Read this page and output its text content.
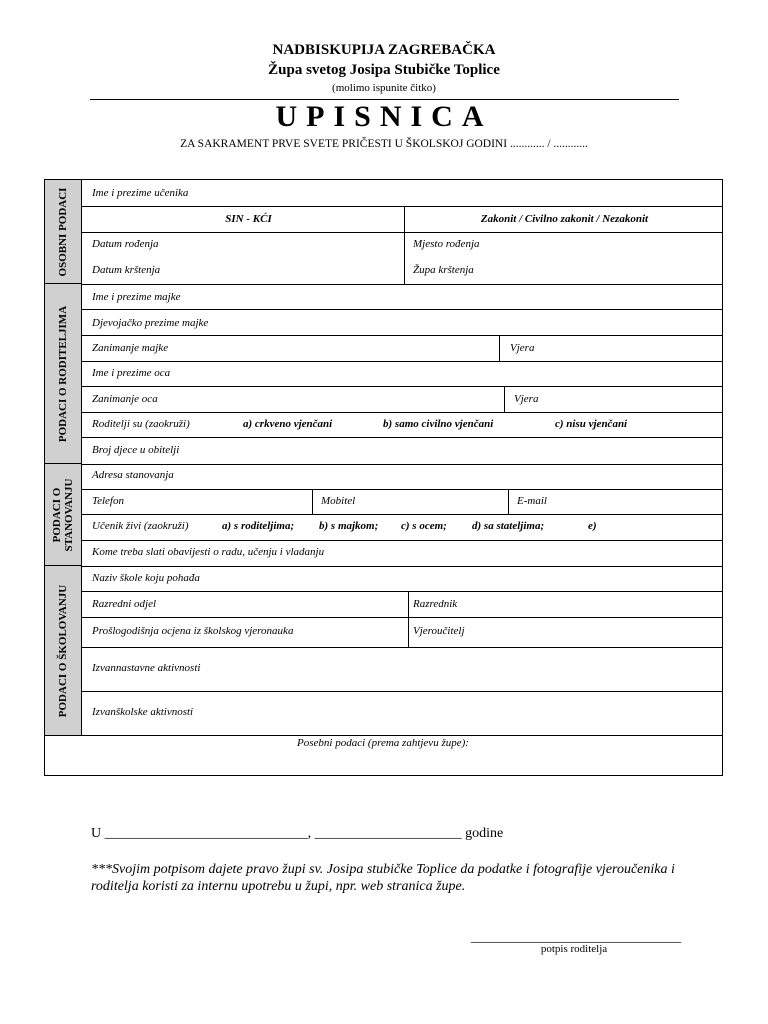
NADBISKUPIJA ZAGREBAČKA
Župa svetog Josipa Stubičke Toplice
(molimo ispunite čitko)
UPISNICA
ZA SAKRAMENT PRVE SVETE PRIČESTI U ŠKOLSKOJ GODINI ............ / ............
OSOBNI PODACI
PODACI O RODITELJIMA
PODACI O STANOVANJU
PODACI O ŠKOLOVANJU
Ime i prezime učenika
SIN - KĆI	Zakonit / Civilno zakonit / Nezakonit
Datum rođenja	Mjesto rođenja
Datum krštenja	Župa krštenja
Ime i prezime majke
Djevojačko prezime majke
Zanimanje majke	Vjera
Ime i prezime oca
Zanimanje oca	Vjera
Roditelji su (zaokruži)	a) crkveno vjenčani	b) samo civilno vjenčani	c) nisu vjenčani
Broj djece u obitelji
Adresa stanovanja
Telefon	Mobitel	E-mail
Učenik živi (zaokruži)	a) s roditeljima; b) s majkom; c) s ocem; d) sa stateljima;	e)
Kome treba slati obavijesti o radu, učenju i vladanju
Naziv škole koju pohađa
Razredni odjel	Razrednik
Prošlogodišnja ocjena iz školskog vjeronauka	Vjeroučitelj
Izvannastavne aktivnosti
Izvanškolske aktivnosti
Posebni podaci (prema zahtjevu župe):
U _____________________________, _____________________ godine
***Svojim potpisom dajete pravo župi sv. Josipa stubičke Toplice da podatke i fotografije vjeroučenika i roditelja koristi za internu upotrebu u župi, npr. web stranica župe.
______________________________
potpis roditelja
